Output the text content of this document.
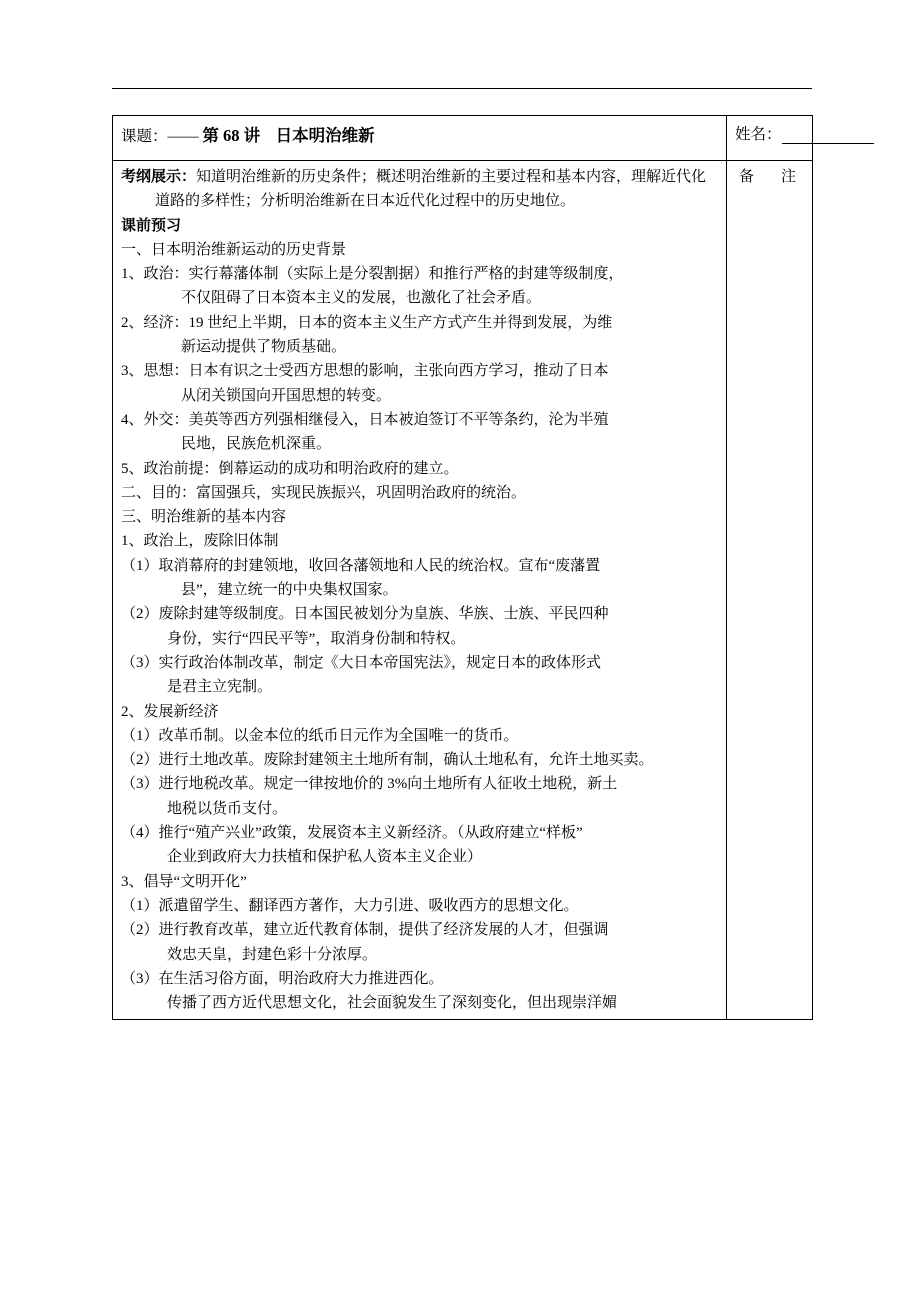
课题：—— 第 68 讲 日本明治维新	姓名：

考纲展示：知道明治维新的历史条件；概述明治维新的主要过程和基本内容，理解近代化道路的多样性；分析明治维新在日本近代化过程中的历史地位。

课前预习

一、日本明治维新运动的历史背景

1、政治：实行幕藩体制（实际上是分裂割据）和推行严格的封建等级制度，

不仅阻碍了日本资本主义的发展，也激化了社会矛盾。

2、经济：19 世纪上半期，日本的资本主义生产方式产生并得到发展，为维

新运动提供了物质基础。

3、思想：日本有识之士受西方思想的影响，主张向西方学习，推动了日本

从闭关锁国向开国思想的转变。

4、外交：美英等西方列强相继侵入，日本被迫签订不平等条约，沦为半殖

民地，民族危机深重。

5、政治前提：倒幕运动的成功和明治政府的建立。

二、目的：富国强兵，实现民族振兴，巩固明治政府的统治。

三、明治维新的基本内容

1、政治上，废除旧体制

（1）取消幕府的封建领地，收回各藩领地和人民的统治权。宣布“废藩置

县”，建立统一的中央集权国家。

（2）废除封建等级制度。日本国民被划分为皇族、华族、士族、平民四种

身份，实行“四民平等”，取消身份制和特权。

（3）实行政治体制改革，制定《大日本帝国宪法》，规定日本的政体形式

是君主立宪制。

2、发展新经济

（1）改革币制。以金本位的纸币日元作为全国唯一的货币。

（2）进行土地改革。废除封建领主土地所有制，确认土地私有，允许土地买卖。

（3）进行地税改革。规定一律按地价的 3%向土地所有人征收土地税，新土

地税以货币支付。

（4）推行“殖产兴业”政策，发展资本主义新经济。（从政府建立“样板”

企业到政府大力扶植和保护私人资本主义企业）

3、倡导“文明开化”

（1）派遣留学生、翻译西方著作，大力引进、吸收西方的思想文化。

（2）进行教育改革，建立近代教育体制，提供了经济发展的人才，但强调

效忠天皇，封建色彩十分浓厚。

（3）在生活习俗方面，明治政府大力推进西化。

传播了西方近代思想文化，社会面貌发生了深刻变化，但出现崇洋媚

	备　注
